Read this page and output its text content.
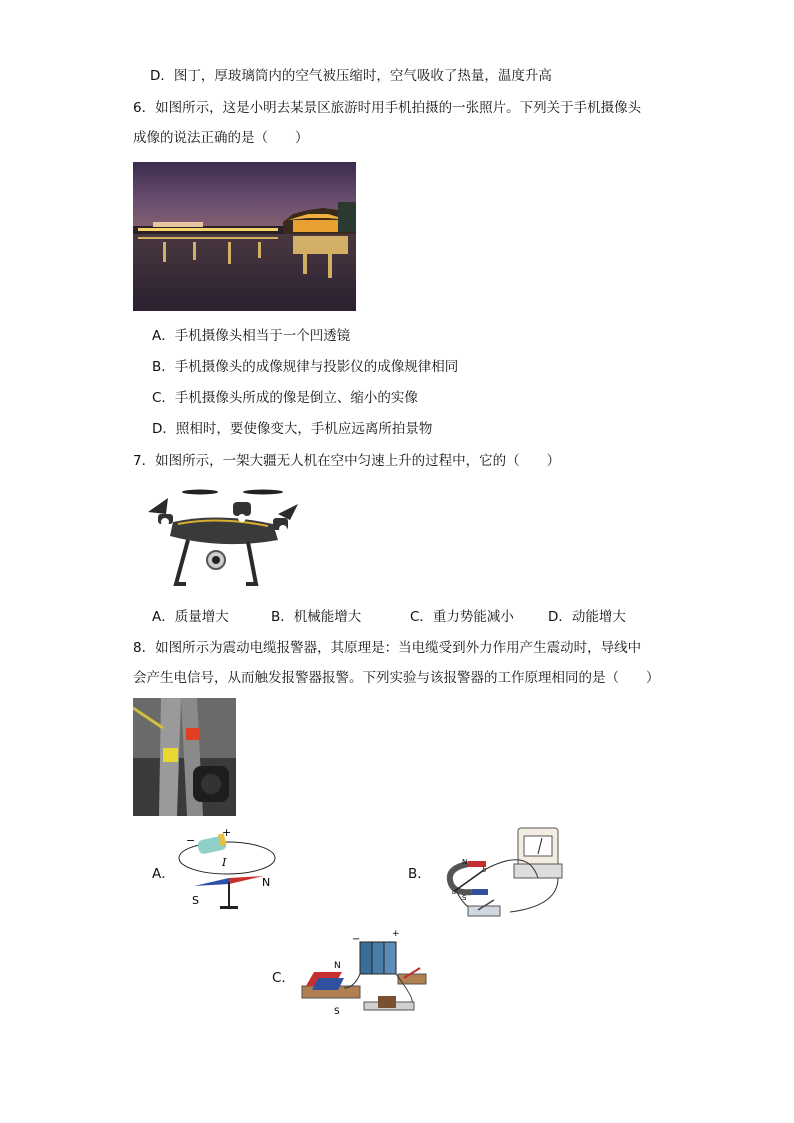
D．图丁，厚玻璃筒内的空气被压缩时，空气吸收了热量，温度升高
6．如图所示，这是小明去某景区旅游时用手机拍摄的一张照片。下列关于手机摄像头
成像的说法正确的是（　　）
A．手机摄像头相当于一个凹透镜
B．手机摄像头的成像规律与投影仪的成像规律相同
C．手机摄像头所成的像是倒立、缩小的实像
D．照相时，要使像变大，手机应远离所拍景物
7．如图所示，一架大疆无人机在空中匀速上升的过程中，它的（　　）
A．质量增大	B．机械能增大	C．重力势能减小	D．动能增大
8．如图所示为震动电缆报警器，其原理是：当电缆受到外力作用产生震动时，导线中
会产生电信号，从而触发报警器报警。下列实验与该报警器的工作原理相同的是（　　）
A．
−
+
I
N
S
B．
N
S
a
b
C．
N
S
−	+
